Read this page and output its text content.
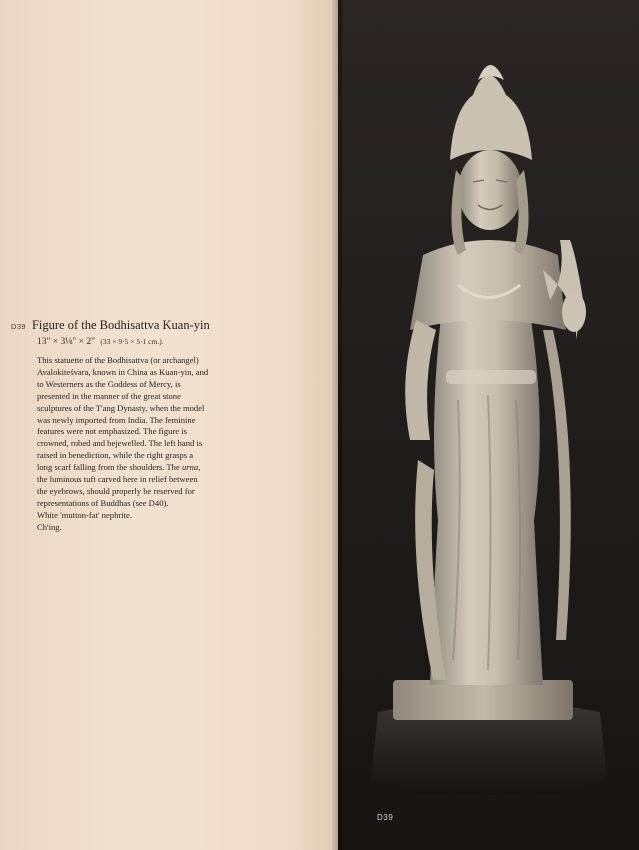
D39 Figure of the Bodhisattva Kuan-yin
13" × 3⅛" × 2" (33 × 9·5 × 5·1 cm.).

This statuette of the Bodhisattva (or archangel)

Avalokiteśvara, known in China as Kuan-yin, and

to Westerners as the Goddess of Mercy, is

presented in the manner of the great stone

sculptures of the T'ang Dynasty, when the model

was newly imported from India. The feminine

features were not emphasized. The figure is

crowned, robed and bejewelled. The left hand is

raised in benediction, while the right grasps a

long scarf falling from the shoulders. The urna,

the luminous tuft carved here in relief between

the eyebrows, should properly be reserved for

representations of Buddhas (see D40).

White 'mutton-fat' nephrite.

Ch'ing.

D39
